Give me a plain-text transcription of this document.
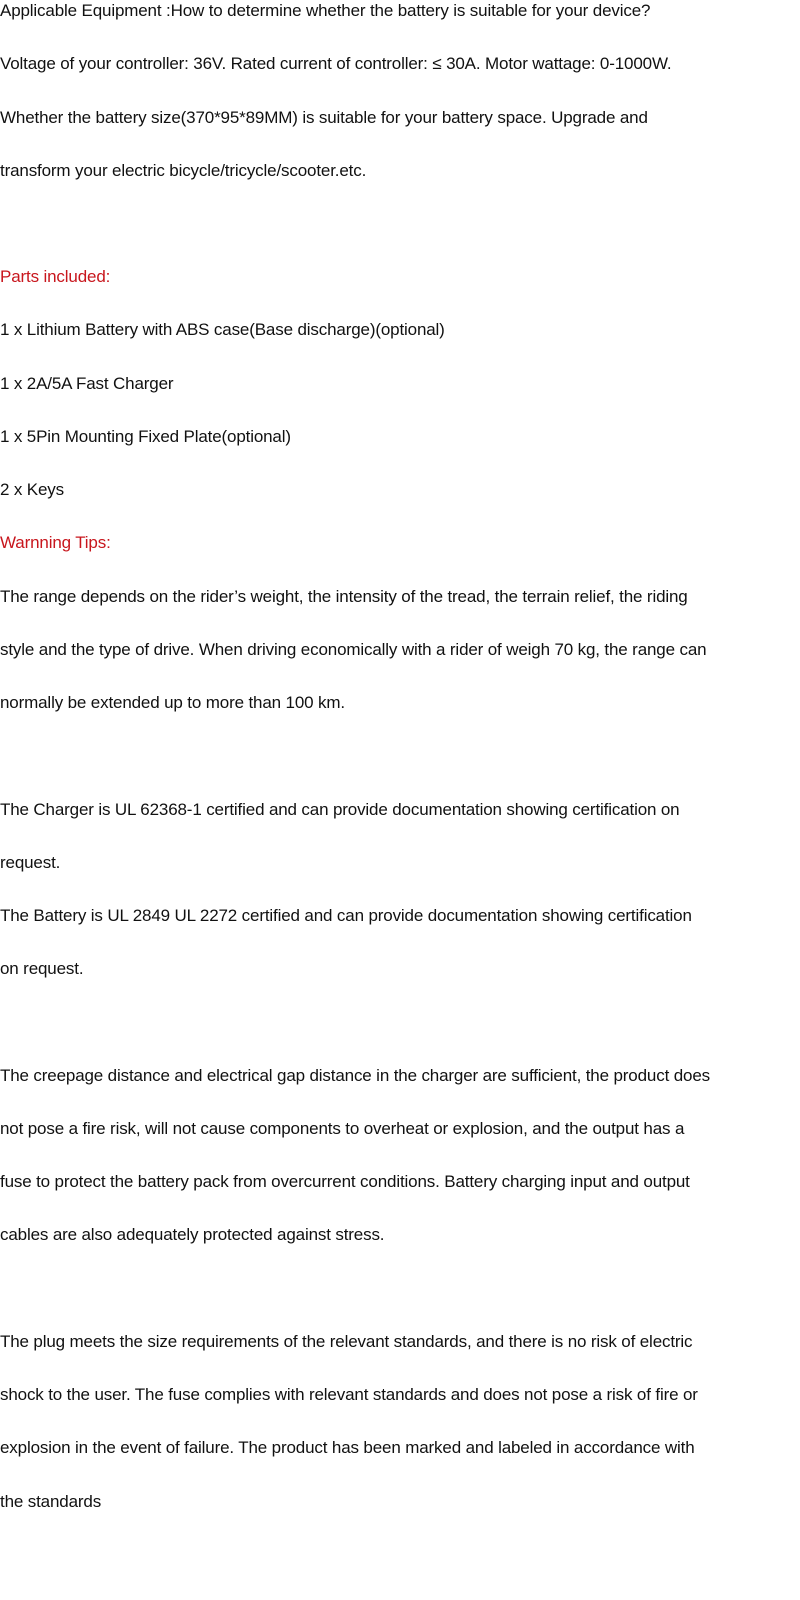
Applicable Equipment :How to determine whether the battery is suitable for your device?

Voltage of your controller: 36V. Rated current of controller: ≤ 30A. Motor wattage: 0-1000W.

Whether the battery size(370*95*89MM) is suitable for your battery space. Upgrade and

transform your electric bicycle/tricycle/scooter.etc.

Parts included:

1 x Lithium Battery with ABS case(Base discharge)(optional)

1 x 2A/5A Fast Charger

1 x 5Pin Mounting Fixed Plate(optional)

2 x Keys

Warnning Tips:

The range depends on the rider’s weight, the intensity of the tread, the terrain relief, the riding

style and the type of drive. When driving economically with a rider of weigh 70 kg, the range can

normally be extended up to more than 100 km.

The Charger is UL 62368-1 certified and can provide documentation showing certification on

request.

The Battery is UL 2849 UL 2272 certified and can provide documentation showing certification

on request.

The creepage distance and electrical gap distance in the charger are sufficient, the product does

not pose a fire risk, will not cause components to overheat or explosion, and the output has a

fuse to protect the battery pack from overcurrent conditions. Battery charging input and output

cables are also adequately protected against stress.

The plug meets the size requirements of the relevant standards, and there is no risk of electric

shock to the user. The fuse complies with relevant standards and does not pose a risk of fire or

explosion in the event of failure. The product has been marked and labeled in accordance with

the standards
